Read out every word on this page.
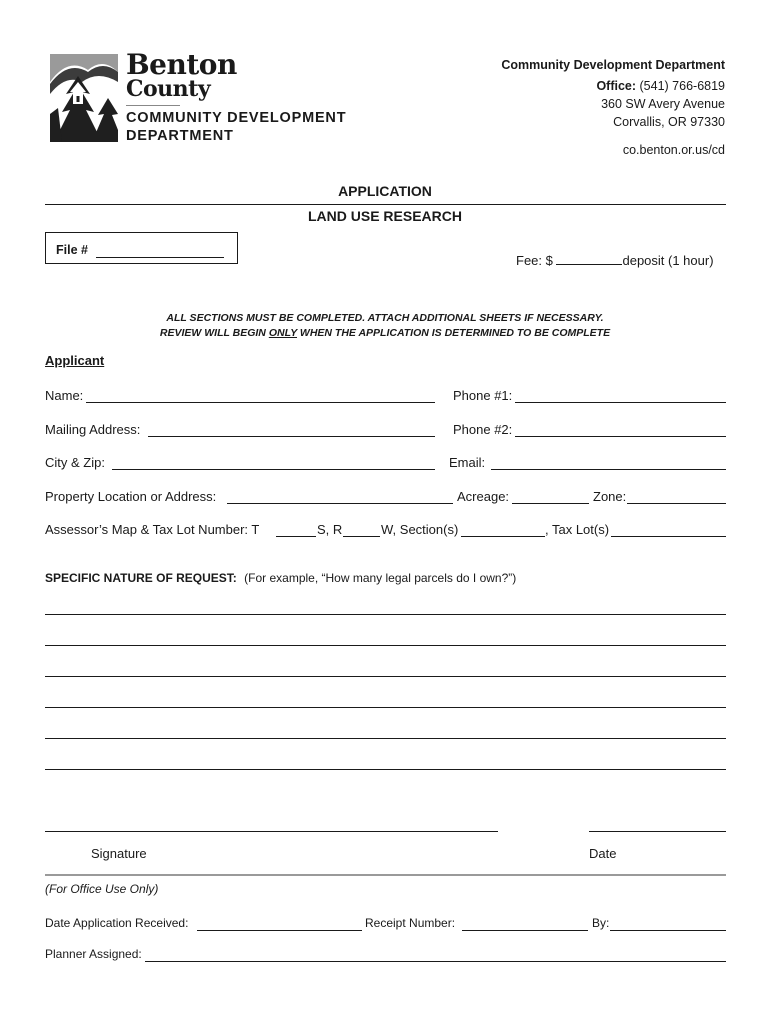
Benton
County
COMMUNITY DEVELOPMENT
DEPARTMENT
Community Development Department
Office: (541) 766-6819
360 SW Avery Avenue
Corvallis, OR 97330
co.benton.or.us/cd
APPLICATION
LAND USE RESEARCH
File #
Fee: $	deposit (1 hour)
ALL SECTIONS MUST BE COMPLETED. ATTACH ADDITIONAL SHEETS IF NECESSARY.
REVIEW WILL BEGIN ONLY WHEN THE APPLICATION IS DETERMINED TO BE COMPLETE
Applicant
Name:	Phone #1:
Mailing Address:	Phone #2:
City & Zip:	Email:
Property Location or Address:	Acreage:	Zone:
Assessor’s Map & Tax Lot Number: T	S, R	W, Section(s)	, Tax Lot(s)
SPECIFIC NATURE OF REQUEST: (For example, “How many legal parcels do I own?”)
Signature	Date
(For Office Use Only)
Date Application Received:	Receipt Number:	By:
Planner Assigned:
